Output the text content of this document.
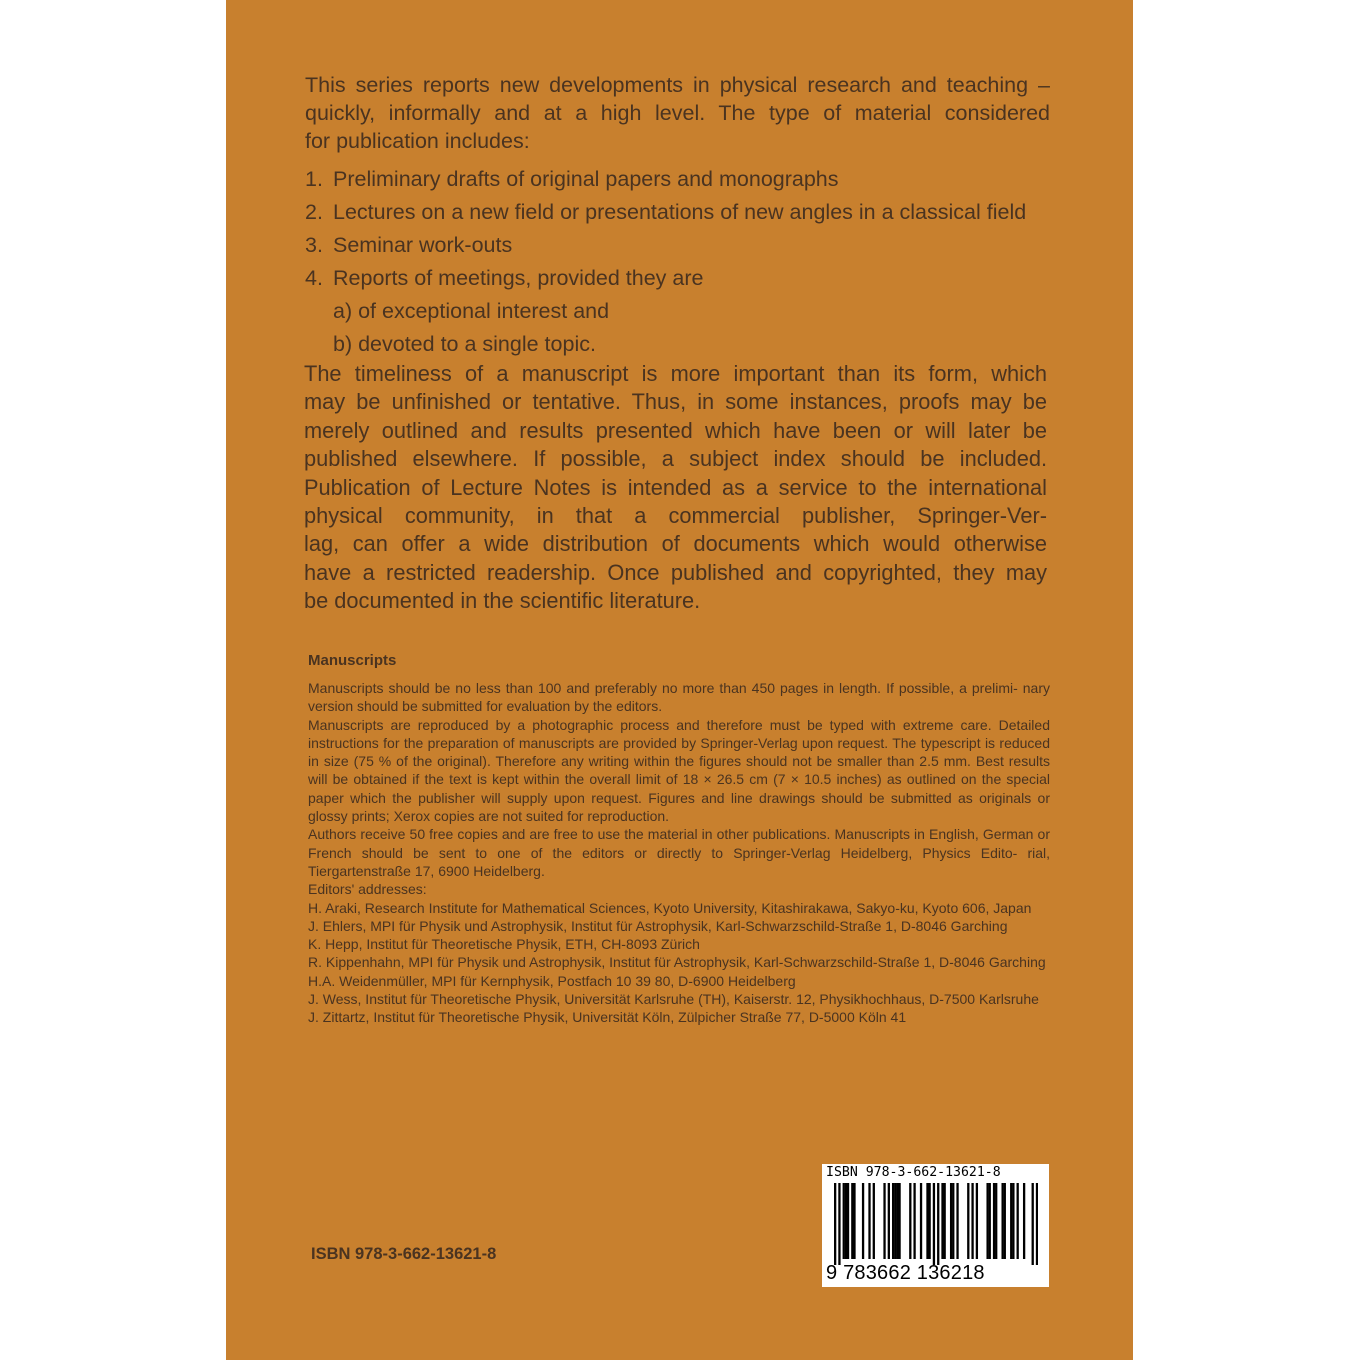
This series reports new developments in physical research and teaching –

quickly, informally and at a high level. The type of material considered

for publication includes:

1. Preliminary drafts of original papers and monographs
2. Lectures on a new field or presentations of new angles in a classical field
3. Seminar work-outs
4. Reports of meetings, provided they are
a) of exceptional interest and
b) devoted to a single topic.

The timeliness of a manuscript is more important than its form, which

may be unfinished or tentative. Thus, in some instances, proofs may be

merely outlined and results presented which have been or will later be

published elsewhere. If possible, a subject index should be included.

Publication of Lecture Notes is intended as a service to the international

physical community, in that a commercial publisher, Springer-Ver-

lag, can offer a wide distribution of documents which would otherwise

have a restricted readership. Once published and copyrighted, they may

be documented in the scientific literature.

Manuscripts

Manuscripts should be no less than 100 and preferably no more than 450 pages in length. If possible, a prelimi- nary version should be submitted for evaluation by the editors.

Manuscripts are reproduced by a photographic process and therefore must be typed with extreme care. Detailed instructions for the preparation of manuscripts are provided by Springer-Verlag upon request. The typescript is reduced in size (75 % of the original). Therefore any writing within the figures should not be smaller than 2.5 mm. Best results will be obtained if the text is kept within the overall limit of 18 × 26.5 cm (7 × 10.5 inches) as outlined on the special paper which the publisher will supply upon request. Figures and line drawings should be submitted as originals or glossy prints; Xerox copies are not suited for reproduction.

Authors receive 50 free copies and are free to use the material in other publications. Manuscripts in English, German or French should be sent to one of the editors or directly to Springer-Verlag Heidelberg, Physics Edito- rial, Tiergartenstraße 17, 6900 Heidelberg.

Editors' addresses:

H. Araki, Research Institute for Mathematical Sciences, Kyoto University, Kitashirakawa, Sakyo-ku, Kyoto 606, Japan

J. Ehlers, MPI für Physik und Astrophysik, Institut für Astrophysik, Karl-Schwarzschild-Straße 1, D-8046 Garching

K. Hepp, Institut für Theoretische Physik, ETH, CH-8093 Zürich

R. Kippenhahn, MPI für Physik und Astrophysik, Institut für Astrophysik, Karl-Schwarzschild-Straße 1, D-8046 Garching

H.A. Weidenmüller, MPI für Kernphysik, Postfach 10 39 80, D-6900 Heidelberg

J. Wess, Institut für Theoretische Physik, Universität Karlsruhe (TH), Kaiserstr. 12, Physikhochhaus, D-7500 Karlsruhe

J. Zittartz, Institut für Theoretische Physik, Universität Köln, Zülpicher Straße 77, D-5000 Köln 41

ISBN 978-3-662-13621-8
ISBN 978-3-662-13621-8
9 783662 136218
